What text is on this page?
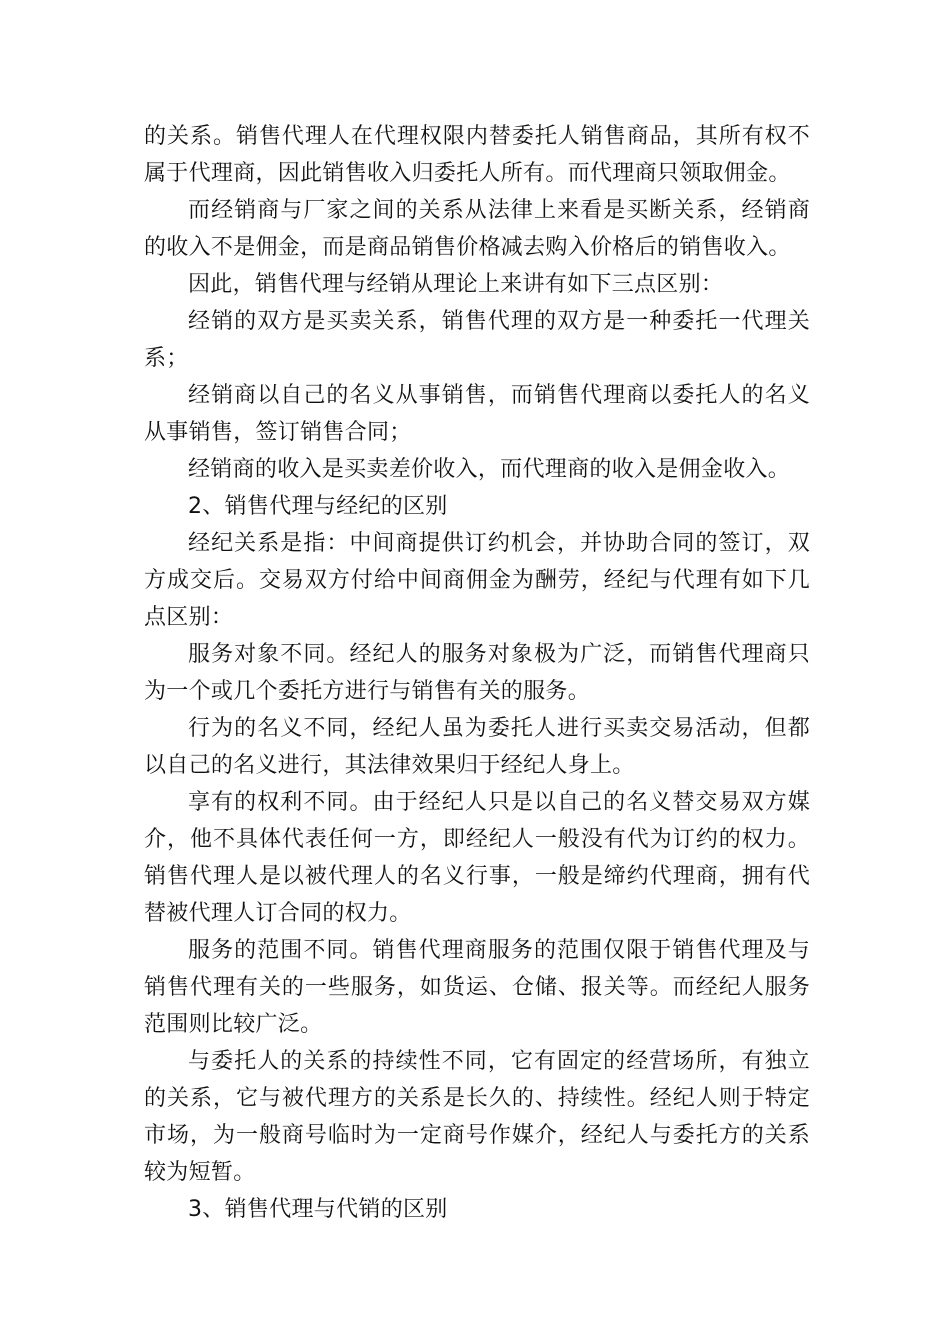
的关系。销售代理人在代理权限内替委托人销售商品，其所有权不属于代理商，因此销售收入归委托人所有。而代理商只领取佣金。

而经销商与厂家之间的关系从法律上来看是买断关系，经销商的收入不是佣金，而是商品销售价格减去购入价格后的销售收入。

因此，销售代理与经销从理论上来讲有如下三点区别：

经销的双方是买卖关系，销售代理的双方是一种委托一代理关系；

经销商以自己的名义从事销售，而销售代理商以委托人的名义从事销售，签订销售合同；

经销商的收入是买卖差价收入，而代理商的收入是佣金收入。

2、销售代理与经纪的区别

经纪关系是指：中间商提供订约机会，并协助合同的签订，双方成交后。交易双方付给中间商佣金为酬劳，经纪与代理有如下几点区别：

服务对象不同。经纪人的服务对象极为广泛，而销售代理商只为一个或几个委托方进行与销售有关的服务。

行为的名义不同，经纪人虽为委托人进行买卖交易活动，但都以自己的名义进行，其法律效果归于经纪人身上。

享有的权利不同。由于经纪人只是以自己的名义替交易双方媒介，他不具体代表任何一方，即经纪人一般没有代为订约的权力。销售代理人是以被代理人的名义行事，一般是缔约代理商，拥有代替被代理人订合同的权力。

服务的范围不同。销售代理商服务的范围仅限于销售代理及与销售代理有关的一些服务，如货运、仓储、报关等。而经纪人服务范围则比较广泛。

与委托人的关系的持续性不同，它有固定的经营场所，有独立的关系，它与被代理方的关系是长久的、持续性。经纪人则于特定市场，为一般商号临时为一定商号作媒介，经纪人与委托方的关系较为短暂。

3、销售代理与代销的区别
